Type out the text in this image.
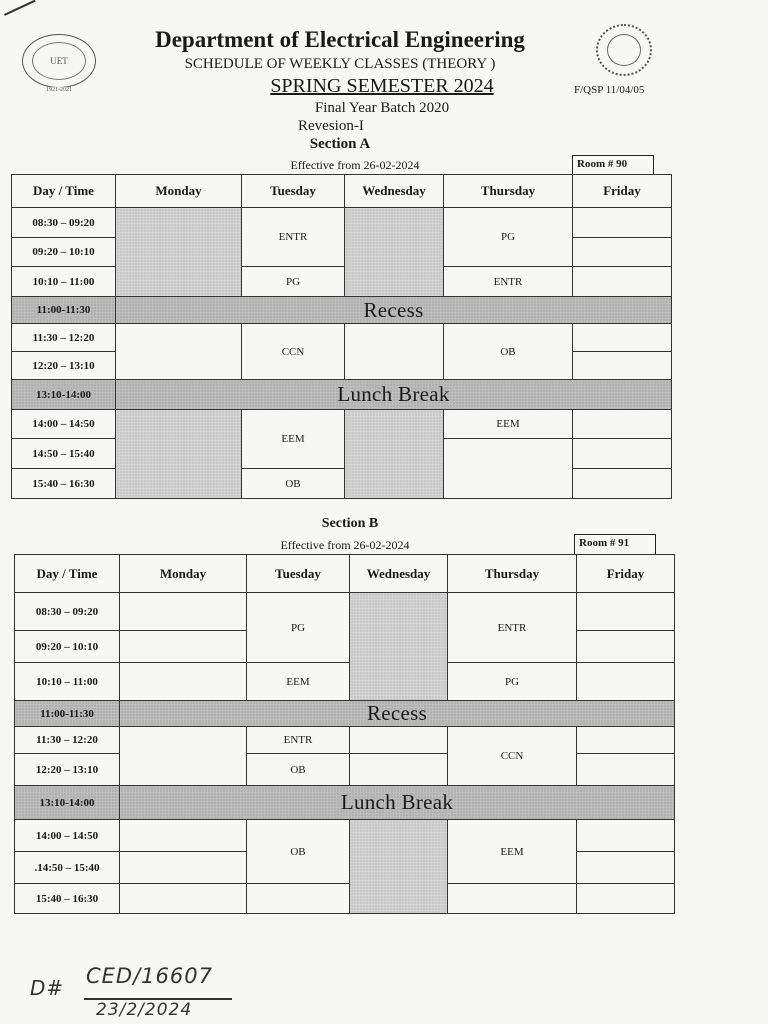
UET
1921-2021
Department of Electrical Engineering
SCHEDULE OF WEEKLY CLASSES (THEORY )
SPRING SEMESTER 2024
Final Year Batch 2020
Revesion-I
F/QSP 11/04/05
Section A
Effective from 26-02-2024	Room # 90
Day / Time	Monday	Tuesday	Wednesday	Thursday	Friday
08:30 – 09:20		ENTR		PG	
09:20 – 10:10					
10:10 – 11:00		PG		ENTR	
11:00-11:30	Recess				
11:30 – 12:20		CCN		OB	
12:20 – 13:10					
13:10-14:00	Lunch Break				
14:00 – 14:50		EEM		EEM	
14:50 – 15:40					
15:40 – 16:30		OB			
Section B
Effective from 26-02-2024	Room # 91
Day / Time	Monday	Tuesday	Wednesday	Thursday	Friday
08:30 – 09:20		PG		ENTR	
09:20 – 10:10					
10:10 – 11:00		EEM		PG	
11:00-11:30	Recess				
11:30 – 12:20		ENTR		CCN	
12:20 – 13:10		OB			
13:10-14:00	Lunch Break				
14:00 – 14:50		OB		EEM	
.14:50 – 15:40					
15:40 – 16:30					
D# CED/16607
23/2/2024
